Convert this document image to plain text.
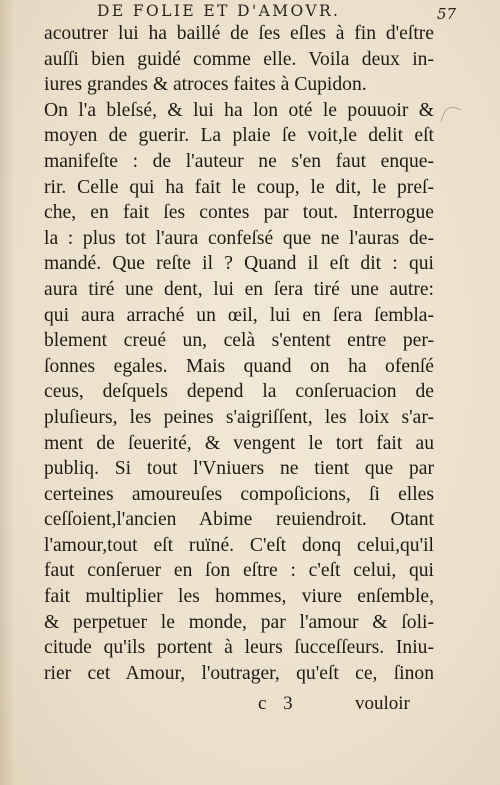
DE FOLIE ET D'AMOVR.	57
acoutrer lui ha baillé de ſes eſles à fin d'eſtre
auſſi bien guidé comme elle. Voila deux in-
iures grandes & atroces faites à Cupidon.
On l'a bleſsé, & lui ha lon oté le pouuoir &
moyen de guerir. La plaie ſe voit,le delit eſt
manifeſte : de l'auteur ne s'en faut enque-
rir. Celle qui ha fait le coup, le dit, le preſ-
che, en fait ſes contes par tout. Interrogue
la : plus tot l'aura confeſsé que ne l'auras de-
mandé. Que reſte il ? Quand il eſt dit : qui
aura tiré une dent, lui en ſera tiré une autre:
qui aura arraché un œil, lui en ſera ſembla-
blement creué un, celà s'entent entre per-
ſonnes egales. Mais quand on ha ofenſé
ceus, deſquels depend la conſeruacion de
pluſieurs, les peines s'aigriſſent, les loix s'ar-
ment de ſeuerité, & vengent le tort fait au
publiq. Si tout l'Vniuers ne tient que par
certeines amoureuſes compoſicions, ſi elles
ceſſoient,l'ancien Abime reuiendroit. Otant
l'amour,tout eſt ruïné. C'eſt donq celui,qu'il
faut conſeruer en ſon eſtre : c'eſt celui, qui
fait multiplier les hommes, viure enſemble,
& perpetuer le monde, par l'amour & ſoli-
citude qu'ils portent à leurs ſucceſſeurs. Iniu-
rier cet Amour, l'outrager, qu'eſt ce, ſinon
c 3	vouloir
